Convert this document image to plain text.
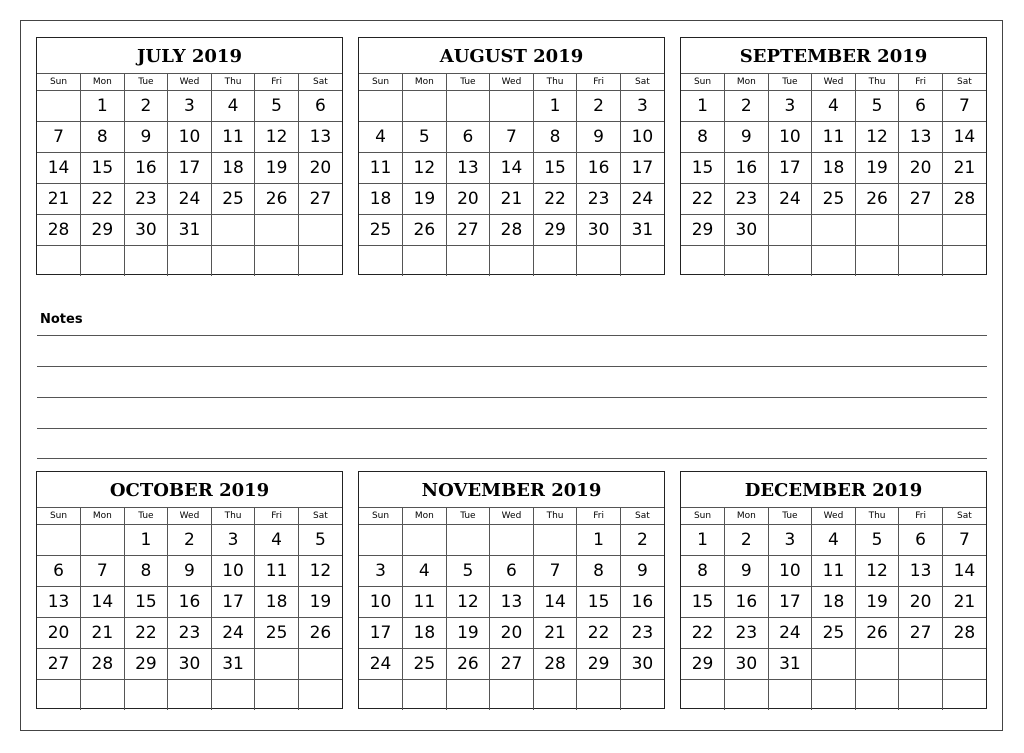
JULY 2019
Sun	Mon	Tue	Wed	Thu	Fri	Sat
	1	2	3	4	5	6
7	8	9	10	11	12	13
14	15	16	17	18	19	20
21	22	23	24	25	26	27
28	29	30	31			

AUGUST 2019
Sun	Mon	Tue	Wed	Thu	Fri	Sat
				1	2	3
4	5	6	7	8	9	10
11	12	13	14	15	16	17
18	19	20	21	22	23	24
25	26	27	28	29	30	31

SEPTEMBER 2019
Sun	Mon	Tue	Wed	Thu	Fri	Sat
1	2	3	4	5	6	7
8	9	10	11	12	13	14
15	16	17	18	19	20	21
22	23	24	25	26	27	28
29	30					

OCTOBER 2019
Sun	Mon	Tue	Wed	Thu	Fri	Sat
		1	2	3	4	5
6	7	8	9	10	11	12
13	14	15	16	17	18	19
20	21	22	23	24	25	26
27	28	29	30	31		

NOVEMBER 2019
Sun	Mon	Tue	Wed	Thu	Fri	Sat
					1	2
3	4	5	6	7	8	9
10	11	12	13	14	15	16
17	18	19	20	21	22	23
24	25	26	27	28	29	30

DECEMBER 2019
Sun	Mon	Tue	Wed	Thu	Fri	Sat
1	2	3	4	5	6	7
8	9	10	11	12	13	14
15	16	17	18	19	20	21
22	23	24	25	26	27	28
29	30	31				

Notes
